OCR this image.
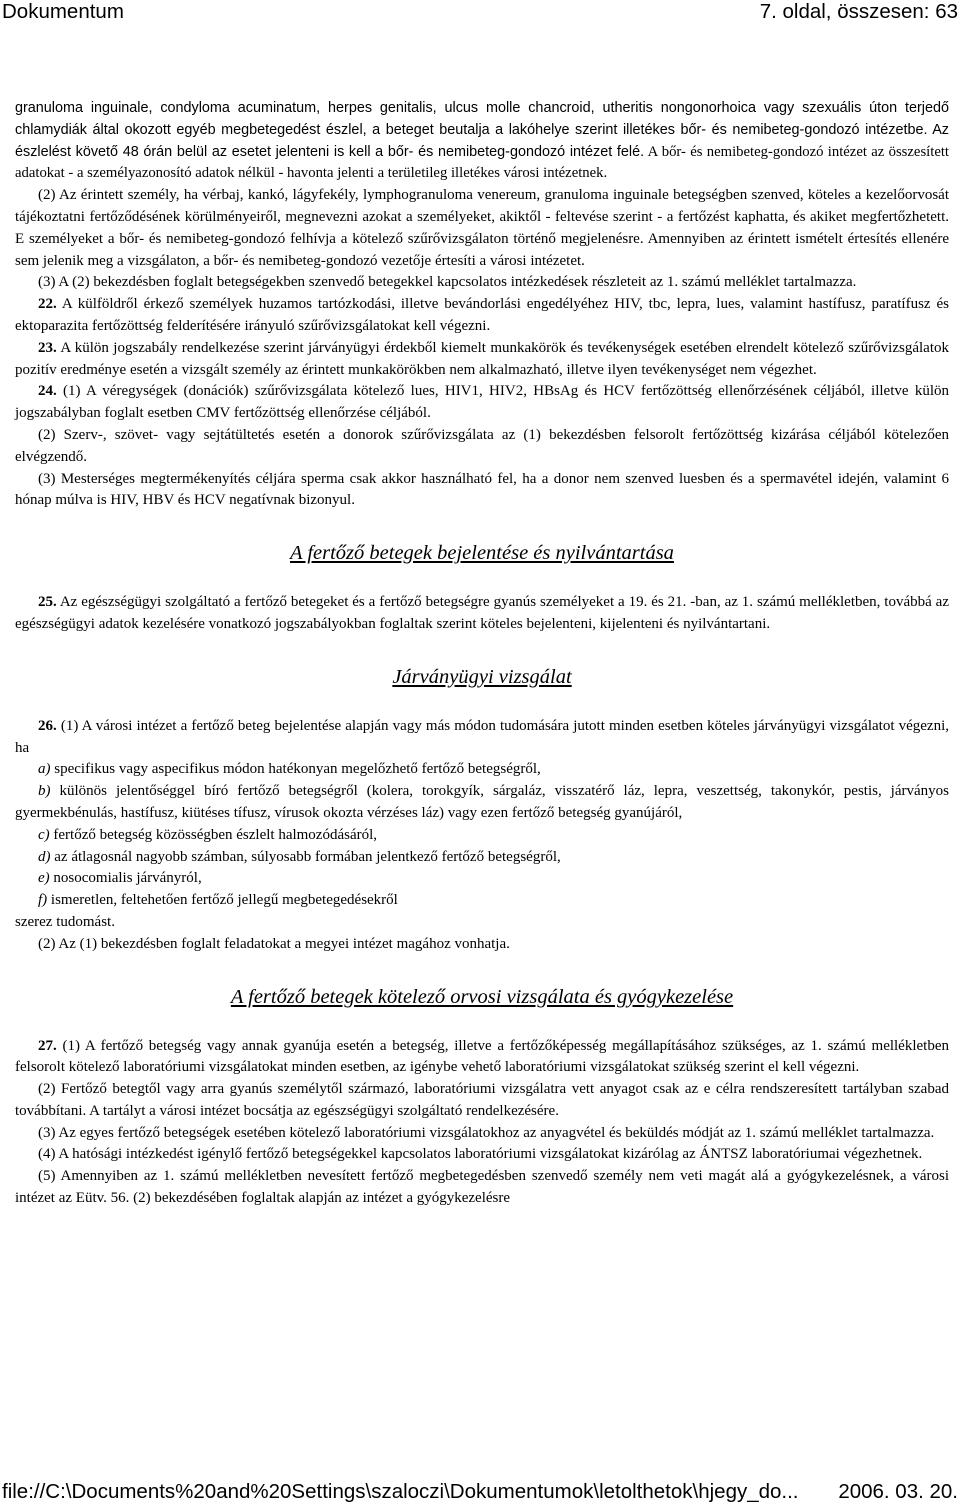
Dokumentum	7. oldal, összesen: 63

granuloma inguinale, condyloma acuminatum, herpes genitalis, ulcus molle chancroid, utheritis nongonorhoica vagy szexuális úton terjedő chlamydiák által okozott egyéb megbetegedést észlel, a beteget beutalja a lakóhelye szerint illetékes bőr- és nemibeteg-gondozó intézetbe. Az észlelést követő 48 órán belül az esetet jelenteni is kell a bőr- és nemibeteg-gondozó intézet felé. A bőr- és nemibeteg-gondozó intézet az összesített adatokat - a személyazonosító adatok nélkül - havonta jelenti a területileg illetékes városi intézetnek.

(2) Az érintett személy, ha vérbaj, kankó, lágyfekély, lymphogranuloma venereum, granuloma inguinale betegségben szenved, köteles a kezelőorvosát tájékoztatni fertőződésének körülményeiről, megnevezni azokat a személyeket, akiktől - feltevése szerint - a fertőzést kaphatta, és akiket megfertőzhetett. E személyeket a bőr- és nemibeteg-gondozó felhívja a kötelező szűrővizsgálaton történő megjelenésre. Amennyiben az érintett ismételt értesítés ellenére sem jelenik meg a vizsgálaton, a bőr- és nemibeteg-gondozó vezetője értesíti a városi intézetet.

(3) A (2) bekezdésben foglalt betegségekben szenvedő betegekkel kapcsolatos intézkedések részleteit az 1. számú melléklet tartalmazza.

22. A külföldről érkező személyek huzamos tartózkodási, illetve bevándorlási engedélyéhez HIV, tbc, lepra, lues, valamint hastífusz, paratífusz és ektoparazita fertőzöttség felderítésére irányuló szűrővizsgálatokat kell végezni.

23. A külön jogszabály rendelkezése szerint járványügyi érdekből kiemelt munkakörök és tevékenységek esetében elrendelt kötelező szűrővizsgálatok pozitív eredménye esetén a vizsgált személy az érintett munkakörökben nem alkalmazható, illetve ilyen tevékenységet nem végezhet.

24. (1) A véregységek (donációk) szűrővizsgálata kötelező lues, HIV1, HIV2, HBsAg és HCV fertőzöttség ellenőrzésének céljából, illetve külön jogszabályban foglalt esetben CMV fertőzöttség ellenőrzése céljából.

(2) Szerv-, szövet- vagy sejtátültetés esetén a donorok szűrővizsgálata az (1) bekezdésben felsorolt fertőzöttség kizárása céljából kötelezően elvégzendő.

(3) Mesterséges megtermékenyítés céljára sperma csak akkor használható fel, ha a donor nem szenved luesben és a spermavétel idején, valamint 6 hónap múlva is HIV, HBV és HCV negatívnak bizonyul.

A fertőző betegek bejelentése és nyilvántartása

25. Az egészségügyi szolgáltató a fertőző betegeket és a fertőző betegségre gyanús személyeket a 19. és 21. -ban, az 1. számú mellékletben, továbbá az egészségügyi adatok kezelésére vonatkozó jogszabályokban foglaltak szerint köteles bejelenteni, kijelenteni és nyilvántartani.

Járványügyi vizsgálat

26. (1) A városi intézet a fertőző beteg bejelentése alapján vagy más módon tudomására jutott minden esetben köteles járványügyi vizsgálatot végezni, ha

a) specifikus vagy aspecifikus módon hatékonyan megelőzhető fertőző betegségről,

b) különös jelentőséggel bíró fertőző betegségről (kolera, torokgyík, sárgaláz, visszatérő láz, lepra, veszettség, takonykór, pestis, járványos gyermekbénulás, hastífusz, kiütéses tífusz, vírusok okozta vérzéses láz) vagy ezen fertőző betegség gyanújáról,

c) fertőző betegség közösségben észlelt halmozódásáról,

d) az átlagosnál nagyobb számban, súlyosabb formában jelentkező fertőző betegségről,

e) nosocomialis járványról,

f) ismeretlen, feltehetően fertőző jellegű megbetegedésekről

szerez tudomást.

(2) Az (1) bekezdésben foglalt feladatokat a megyei intézet magához vonhatja.

A fertőző betegek kötelező orvosi vizsgálata és gyógykezelése

27. (1) A fertőző betegség vagy annak gyanúja esetén a betegség, illetve a fertőzőképesség megállapításához szükséges, az 1. számú mellékletben felsorolt kötelező laboratóriumi vizsgálatokat minden esetben, az igénybe vehető laboratóriumi vizsgálatokat szükség szerint el kell végezni.

(2) Fertőző betegtől vagy arra gyanús személytől származó, laboratóriumi vizsgálatra vett anyagot csak az e célra rendszeresített tartályban szabad továbbítani. A tartályt a városi intézet bocsátja az egészségügyi szolgáltató rendelkezésére.

(3) Az egyes fertőző betegségek esetében kötelező laboratóriumi vizsgálatokhoz az anyagvétel és beküldés módját az 1. számú melléklet tartalmazza.

(4) A hatósági intézkedést igénylő fertőző betegségekkel kapcsolatos laboratóriumi vizsgálatokat kizárólag az ÁNTSZ laboratóriumai végezhetnek.

(5) Amennyiben az 1. számú mellékletben nevesített fertőző megbetegedésben szenvedő személy nem veti magát alá a gyógykezelésnek, a városi intézet az Eütv. 56. (2) bekezdésében foglaltak alapján az intézet a gyógykezelésre

file://C:\Documents%20and%20Settings\szaloczi\Dokumentumok\letolthetok\hjegy_do... 2006. 03. 20.
